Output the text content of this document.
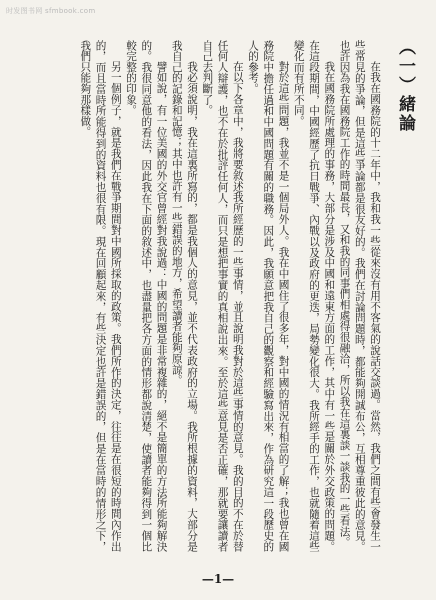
时发图书网 sfmbook.com
（一）緒論

在我在國務院的十二年中，我和我一些從來沒有用不客氣的說話交談過。當然，我們之間有些會發生一些常見的爭論，但是這些爭論都是很友好的。我們在討論問題時，都能夠開誠布公，互相尊重彼此的意見。也許因為我在國務院工作的時間最長，又和我的同事們相處得很融洽，所以我在這裏談一談我的一些看法。

我在國務院所處理的事務，大部分是涉及中國和遠東方面的工作，其中有一些是關於外交政策的問題。在這段期間，中國經歷了抗日戰爭、內戰以及政府的更迭，局勢變化很大。我所經手的工作，也就隨着這些變化而有所不同。

對於這些問題，我並不是一個局外人。我在中國住了很多年，對中國的情況有相當的了解；我也曾在國務院中擔任過和中國問題有關的職務。因此，我願意把我自己的觀察和經驗寫出來，作為研究這一段歷史的人的參考。

在以下各章中，我將要敘述我所經歷的一些事情，並且說明我對於這些事情的意見。我的目的不在於替任何人辯護，也不在於批評任何人，而只是想把事實的真相說出來。至於這些意見是否正確，那就要讓讀者自己去判斷了。

我必須說明，我在這裏所寫的，都是我個人的意見，並不代表政府的立場。我所根據的資料，大部分是我自己的記錄和記憶；其中也許有一些錯誤的地方，希望讀者能夠原諒。

譬如說，有一位美國的外交官曾經對我說過：中國的問題是非常複雜的，絕不是簡單的方法所能夠解決的。我很同意他的看法，因此我在下面的敘述中，也盡量把各方面的情形都說清楚，使讀者能夠得到一個比較完整的印象。

另一個例子，就是我們在戰爭期間對中國所採取的政策。我們所作的決定，往往是在很短的時間內作出的，而且當時所能得到的資料也很有限。現在回顧起來，有些決定也許是錯誤的，但是在當時的情形之下，我們只能夠那樣做。

—1—
